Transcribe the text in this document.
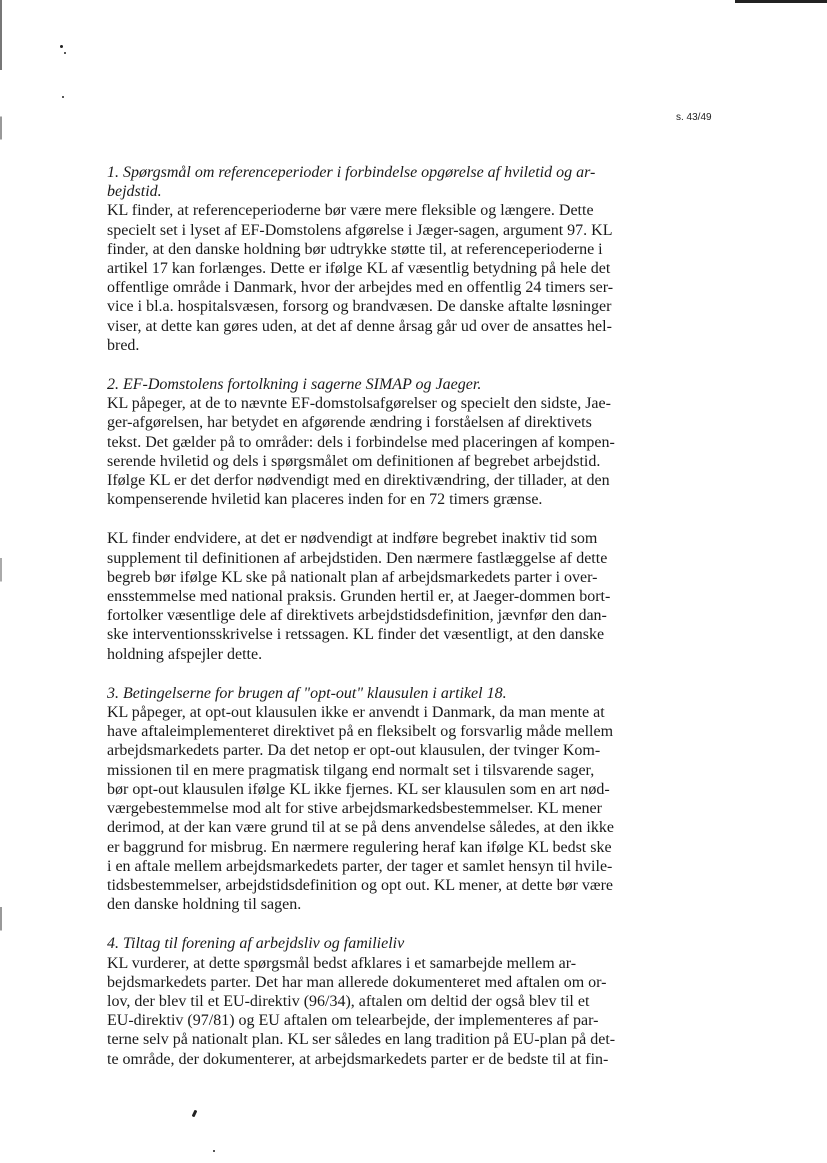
s. 43/49
1. Spørgsmål om referenceperioder i forbindelse opgørelse af hviletid og ar-
bejdstid.
KL finder, at referenceperioderne bør være mere fleksible og længere. Dette
specielt set i lyset af EF-Domstolens afgørelse i Jæger-sagen, argument 97. KL
finder, at den danske holdning bør udtrykke støtte til, at referenceperioderne i
artikel 17 kan forlænges. Dette er ifølge KL af væsentlig betydning på hele det
offentlige område i Danmark, hvor der arbejdes med en offentlig 24 timers ser-
vice i bl.a. hospitalsvæsen, forsorg og brandvæsen. De danske aftalte løsninger
viser, at dette kan gøres uden, at det af denne årsag går ud over de ansattes hel-
bred.
2. EF-Domstolens fortolkning i sagerne SIMAP og Jaeger.
KL påpeger, at de to nævnte EF-domstolsafgørelser og specielt den sidste, Jae-
ger-afgørelsen, har betydet en afgørende ændring i forståelsen af direktivets
tekst. Det gælder på to områder: dels i forbindelse med placeringen af kompen-
serende hviletid og dels i spørgsmålet om definitionen af begrebet arbejdstid.
Ifølge KL er det derfor nødvendigt med en direktivændring, der tillader, at den
kompenserende hviletid kan placeres inden for en 72 timers grænse.
KL finder endvidere, at det er nødvendigt at indføre begrebet inaktiv tid som
supplement til definitionen af arbejdstiden. Den nærmere fastlæggelse af dette
begreb bør ifølge KL ske på nationalt plan af arbejdsmarkedets parter i over-
ensstemmelse med national praksis. Grunden hertil er, at Jaeger-dommen bort-
fortolker væsentlige dele af direktivets arbejdstidsdefinition, jævnfør den dan-
ske interventionsskrivelse i retssagen. KL finder det væsentligt, at den danske
holdning afspejler dette.
3. Betingelserne for brugen af "opt-out" klausulen i artikel 18.
KL påpeger, at opt-out klausulen ikke er anvendt i Danmark, da man mente at
have aftaleimplementeret direktivet på en fleksibelt og forsvarlig måde mellem
arbejdsmarkedets parter. Da det netop er opt-out klausulen, der tvinger Kom-
missionen til en mere pragmatisk tilgang end normalt set i tilsvarende sager,
bør opt-out klausulen ifølge KL ikke fjernes. KL ser klausulen som en art nød-
værgebestemmelse mod alt for stive arbejdsmarkedsbestemmelser. KL mener
derimod, at der kan være grund til at se på dens anvendelse således, at den ikke
er baggrund for misbrug. En nærmere regulering heraf kan ifølge KL bedst ske
i en aftale mellem arbejdsmarkedets parter, der tager et samlet hensyn til hvile-
tidsbestemmelser, arbejdstidsdefinition og opt out. KL mener, at dette bør være
den danske holdning til sagen.
4. Tiltag til forening af arbejdsliv og familieliv
KL vurderer, at dette spørgsmål bedst afklares i et samarbejde mellem ar-
bejdsmarkedets parter. Det har man allerede dokumenteret med aftalen om or-
lov, der blev til et EU-direktiv (96/34), aftalen om deltid der også blev til et
EU-direktiv (97/81) og EU aftalen om telearbejde, der implementeres af par-
terne selv på nationalt plan. KL ser således en lang tradition på EU-plan på det-
te område, der dokumenterer, at arbejdsmarkedets parter er de bedste til at fin-
